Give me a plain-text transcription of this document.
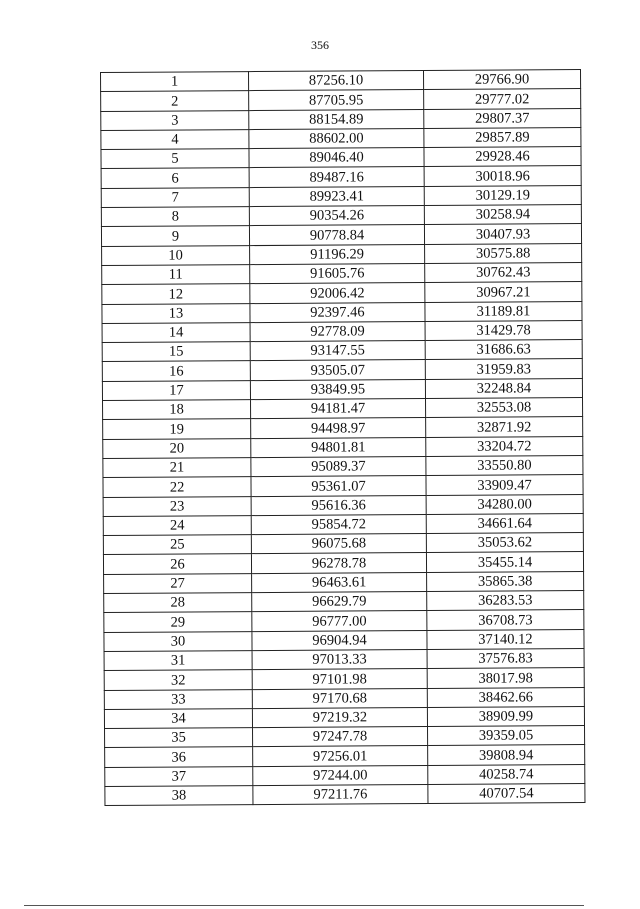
356
1	87256.10	29766.90
2	87705.95	29777.02
3	88154.89	29807.37
4	88602.00	29857.89
5	89046.40	29928.46
6	89487.16	30018.96
7	89923.41	30129.19
8	90354.26	30258.94
9	90778.84	30407.93
10	91196.29	30575.88
11	91605.76	30762.43
12	92006.42	30967.21
13	92397.46	31189.81
14	92778.09	31429.78
15	93147.55	31686.63
16	93505.07	31959.83
17	93849.95	32248.84
18	94181.47	32553.08
19	94498.97	32871.92
20	94801.81	33204.72
21	95089.37	33550.80
22	95361.07	33909.47
23	95616.36	34280.00
24	95854.72	34661.64
25	96075.68	35053.62
26	96278.78	35455.14
27	96463.61	35865.38
28	96629.79	36283.53
29	96777.00	36708.73
30	96904.94	37140.12
31	97013.33	37576.83
32	97101.98	38017.98
33	97170.68	38462.66
34	97219.32	38909.99
35	97247.78	39359.05
36	97256.01	39808.94
37	97244.00	40258.74
38	97211.76	40707.54
